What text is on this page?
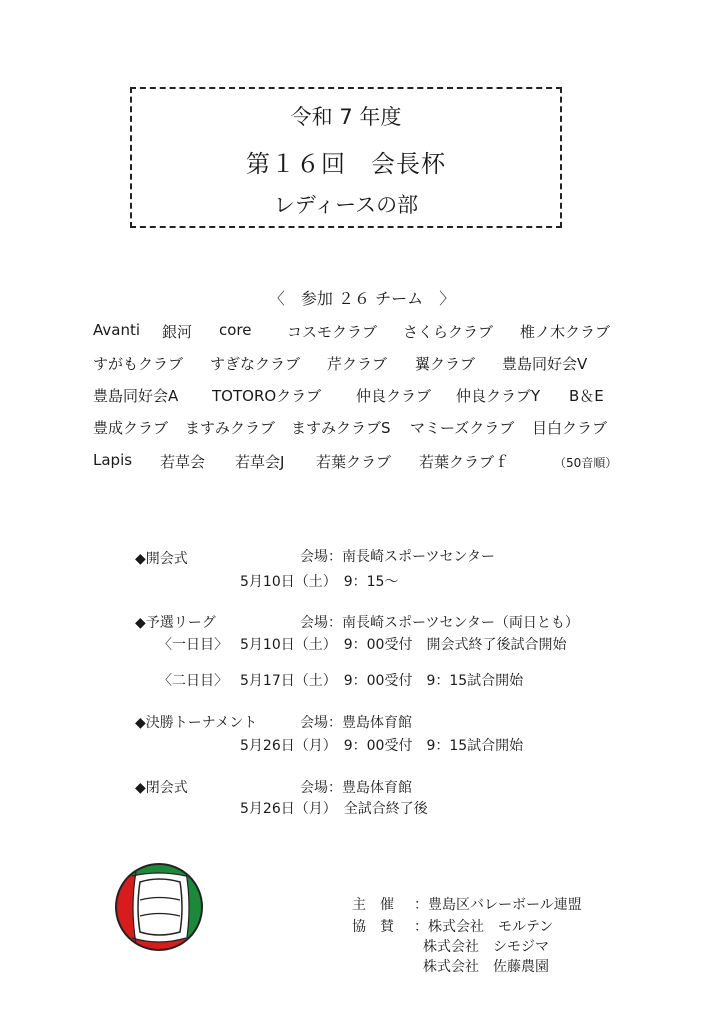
令和 7 年度
第１６回　会長杯
レディースの部
〈　参加 ２６ チーム　〉
Avanti 銀河 core コスモクラブ さくらクラブ 椎ノ木クラブ
すがもクラブ すぎなクラブ 芹クラブ 翼クラブ 豊島同好会V
豊島同好会A TOTOROクラブ 仲良クラブ 仲良クラブY B＆E
豊成クラブ ますみクラブ ますみクラブS マミーズクラブ 目白クラブ
Lapis 若草会 若草会J 若葉クラブ 若葉クラブｆ	（50音順）
◆開会式	会場：南長崎スポーツセンター
5月10日（土）　9：15〜
◆予選リーグ	会場：南長崎スポーツセンター（両日とも）
〈一日目〉 5月10日（土）　9：00受付　開会式終了後試合開始
〈二日目〉 5月17日（土）　9：00受付　9：15試合開始
◆決勝トーナメント	会場：豊島体育館
5月26日（月）　9：00受付　9：15試合開始
◆閉会式	会場：豊島体育館
5月26日（月）　全試合終了後
主　催 ：豊島区バレーボール連盟
協　賛 ：株式会社　モルテン
株式会社　シモジマ
株式会社　佐藤農園
